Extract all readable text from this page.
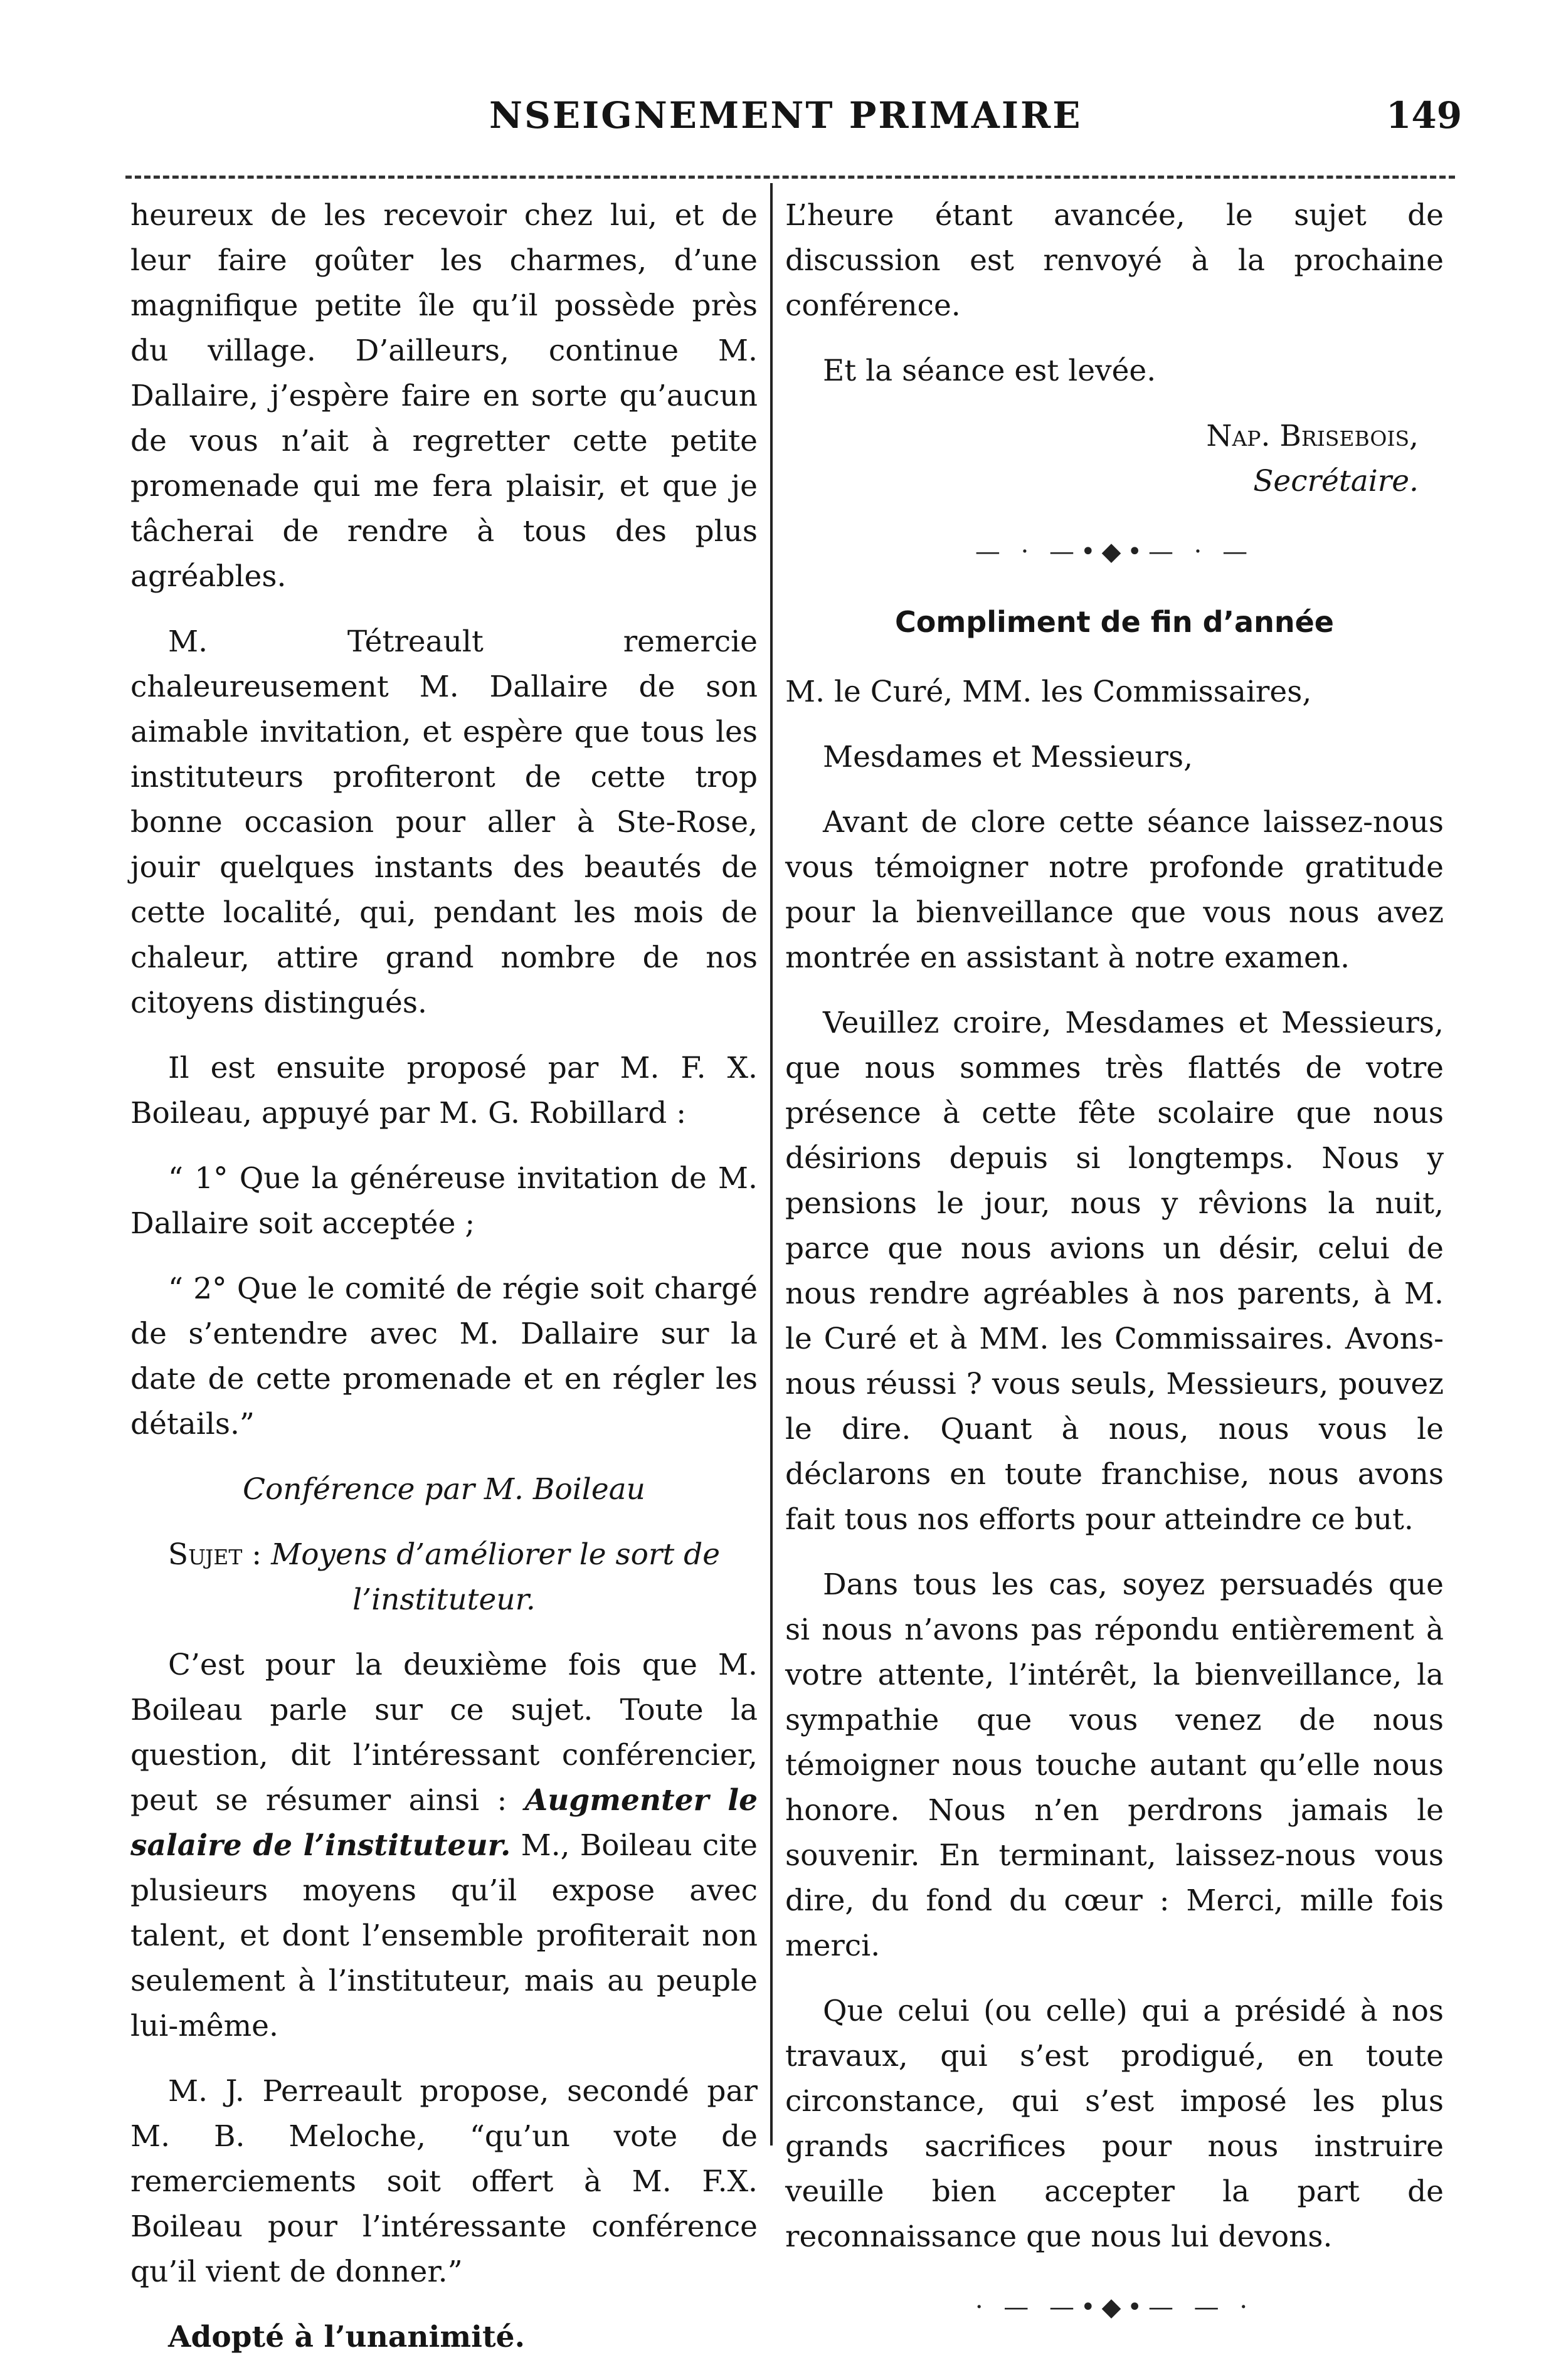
NSEIGNEMENT PRIMAIRE	149

heureux de les recevoir chez lui, et de leur faire goûter les charmes, d’une magnifique petite île qu’il possède près du village. D’ailleurs, continue M. Dallaire, j’espère faire en sorte qu’aucun de vous n’ait à regretter cette petite promenade qui me fera plaisir, et que je tâcherai de rendre à tous des plus agréables.

M. Tétreault remercie chaleureusement M. Dallaire de son aimable invitation, et espère que tous les instituteurs profiteront de cette trop bonne occasion pour aller à Ste-Rose, jouir quelques instants des beautés de cette localité, qui, pendant les mois de chaleur, attire grand nombre de nos citoyens distingués.

Il est ensuite proposé par M. F. X. Boileau, appuyé par M. G. Robillard :

“ 1° Que la généreuse invitation de M. Dallaire soit acceptée ;

“ 2° Que le comité de régie soit chargé de s’entendre avec M. Dallaire sur la date de cette promenade et en régler les détails.”

Conférence par M. Boileau

Sujet : Moyens d’améliorer le sort de l’instituteur.

C’est pour la deuxième fois que M. Boileau parle sur ce sujet. Toute la question, dit l’intéressant conférencier, peut se résumer ainsi : Augmenter le salaire de l’instituteur. M., Boileau cite plusieurs moyens qu’il expose avec talent, et dont l’ensemble profiterait non seulement à l’instituteur, mais au peuple lui-même.

M. J. Perreault propose, secondé par M. B. Meloche, “qu’un vote de remerciements soit offert à M. F.X. Boileau pour l’intéressante conférence qu’il vient de donner.”

Adopté à l’unanimité.

L’heure étant avancée, le sujet de discussion est renvoyé à la prochaine conférence.

Et la séance est levée.

Nap. Brisebois,

Secrétaire.

— · —•◆•— · —
Compliment de fin d’année

M. le Curé, MM. les Commissaires,

Mesdames et Messieurs,

Avant de clore cette séance laissez-nous vous témoigner notre profonde gratitude pour la bienveillance que vous nous avez montrée en assistant à notre examen.

Veuillez croire, Mesdames et Messieurs, que nous sommes très flattés de votre présence à cette fête scolaire que nous désirions depuis si longtemps. Nous y pensions le jour, nous y rêvions la nuit, parce que nous avions un désir, celui de nous rendre agréables à nos parents, à M. le Curé et à MM. les Commissaires. Avons-nous réussi ? vous seuls, Messieurs, pouvez le dire. Quant à nous, nous vous le déclarons en toute franchise, nous avons fait tous nos efforts pour atteindre ce but.

Dans tous les cas, soyez persuadés que si nous n’avons pas répondu entièrement à votre attente, l’intérêt, la bienveillance, la sympathie que vous venez de nous témoigner nous touche autant qu’elle nous honore. Nous n’en perdrons jamais le souvenir. En terminant, laissez-nous vous dire, du fond du cœur : Merci, mille fois merci.

Que celui (ou celle) qui a présidé à nos travaux, qui s’est prodigué, en toute circonstance, qui s’est imposé les plus grands sacrifices pour nous instruire veuille bien accepter la part de reconnaissance que nous lui devons.

· — —•◆•— — ·
